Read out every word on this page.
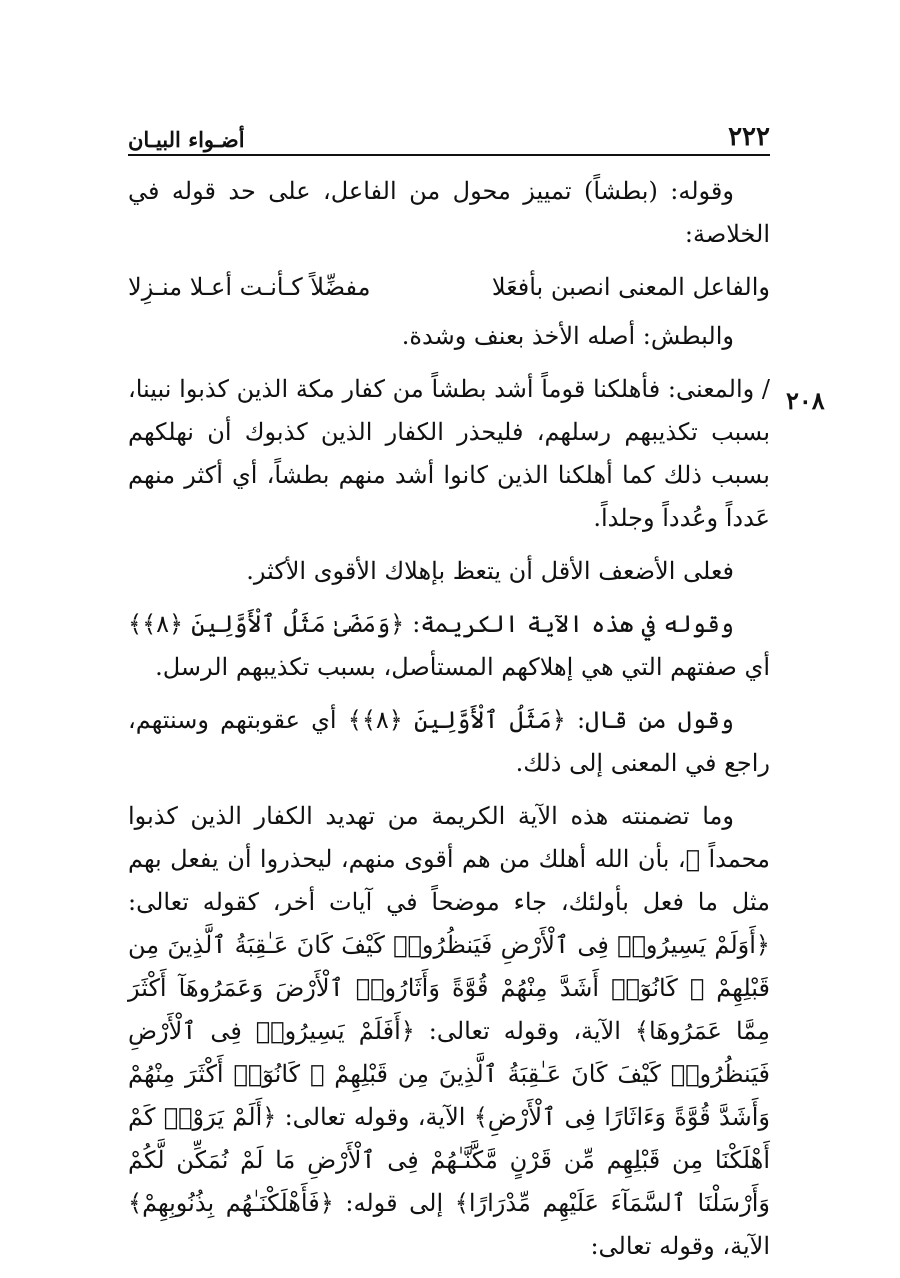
٢٢٢
أضـواء البيـان
٢٠٨

وقوله: (بطشاً) تمييز محول من الفاعل، على حد قوله في الخلاصة:

والفاعل المعنى انصبن بأفعَلا
مفضِّلاً كـأنـت أعـلا منـزِلا

والبطش: أصله الأخذ بعنف وشدة.

/ والمعنى: فأهلكنا قوماً أشد بطشاً من كفار مكة الذين كذبوا نبينا، بسبب تكذيبهم رسلهم، فليحذر الكفار الذين كذبوك أن نهلكهم بسبب ذلك كما أهلكنا الذين كانوا أشد منهم بطشاً، أي أكثر منهم عَدداً وعُدداً وجلداً.

فعلى الأضعف الأقل أن يتعظ بإهلاك الأقوى الأكثر.

وقوله في هذه الآية الكريمة: ﴿وَمَضَىٰ مَثَلُ ٱلْأَوَّلِينَ ﴿٨﴾﴾ أي صفتهم التي هي إهلاكهم المستأصل، بسبب تكذيبهم الرسل.

وقول من قال: ﴿مَثَلُ ٱلْأَوَّلِينَ ﴿٨﴾﴾ أي عقوبتهم وسنتهم، راجع في المعنى إلى ذلك.

وما تضمنته هذه الآية الكريمة من تهديد الكفار الذين كذبوا محمداً ﷺ، بأن الله أهلك من هم أقوى منهم، ليحذروا أن يفعل بهم مثل ما فعل بأولئك، جاء موضحاً في آيات أخر، كقوله تعالى: ﴿أَوَلَمْ يَسِيرُوا۟ فِى ٱلْأَرْضِ فَيَنظُرُوا۟ كَيْفَ كَانَ عَـٰقِبَةُ ٱلَّذِينَ مِن قَبْلِهِمْ ۚ كَانُوٓا۟ أَشَدَّ مِنْهُمْ قُوَّةً وَأَثَارُوا۟ ٱلْأَرْضَ وَعَمَرُوهَآ أَكْثَرَ مِمَّا عَمَرُوهَا﴾ الآية، وقوله تعالى: ﴿أَفَلَمْ يَسِيرُوا۟ فِى ٱلْأَرْضِ فَيَنظُرُوا۟ كَيْفَ كَانَ عَـٰقِبَةُ ٱلَّذِينَ مِن قَبْلِهِمْ ۚ كَانُوٓا۟ أَكْثَرَ مِنْهُمْ وَأَشَدَّ قُوَّةً وَءَاثَارًا فِى ٱلْأَرْضِ﴾ الآية، وقوله تعالى: ﴿أَلَمْ يَرَوْا۟ كَمْ أَهْلَكْنَا مِن قَبْلِهِم مِّن قَرْنٍ مَّكَّنَّـٰهُمْ فِى ٱلْأَرْضِ مَا لَمْ نُمَكِّن لَّكُمْ وَأَرْسَلْنَا ٱلسَّمَآءَ عَلَيْهِم مِّدْرَارًا﴾ إلى قوله: ﴿فَأَهْلَكْنَـٰهُم بِذُنُوبِهِمْ﴾ الآية، وقوله تعالى:
